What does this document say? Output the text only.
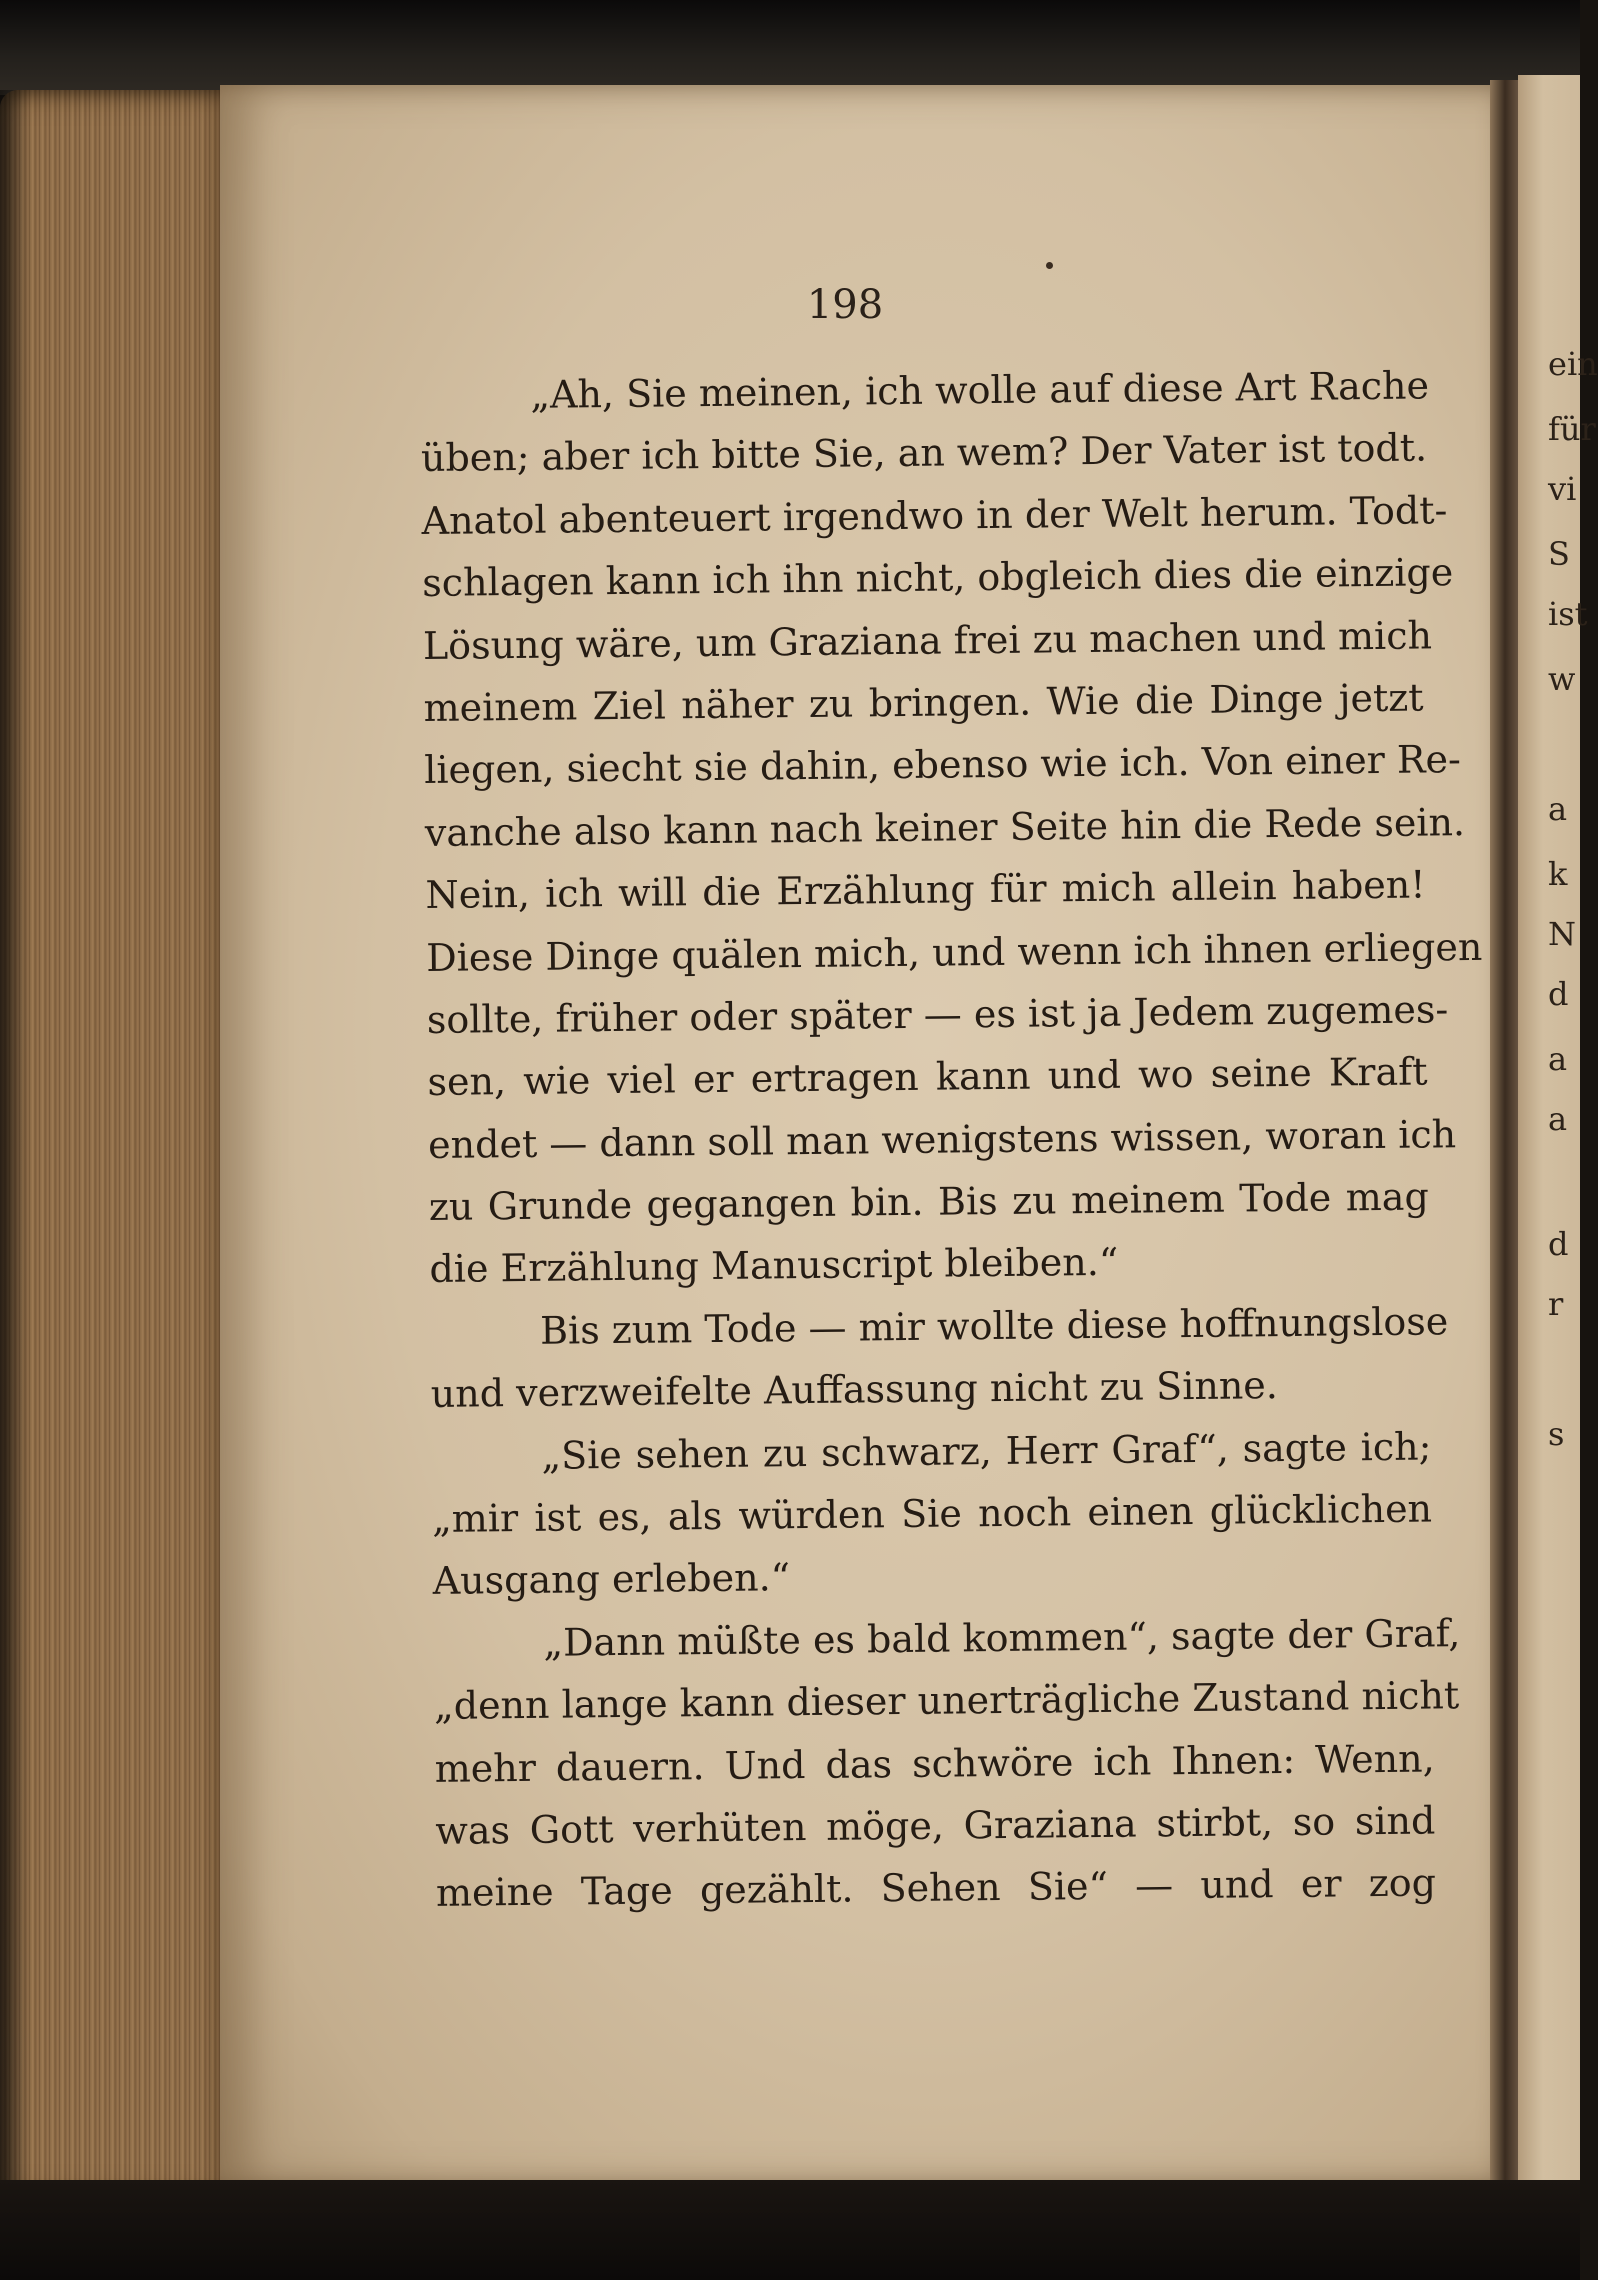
198
„Ah, Sie meinen, ich wolle auf diese Art Rache
üben; aber ich bitte Sie, an wem? Der Vater ist todt.
Anatol abenteuert irgendwo in der Welt herum. Todt-
schlagen kann ich ihn nicht, obgleich dies die einzige
Lösung wäre, um Graziana frei zu machen und mich
meinem Ziel näher zu bringen. Wie die Dinge jetzt
liegen, siecht sie dahin, ebenso wie ich. Von einer Re-
vanche also kann nach keiner Seite hin die Rede sein.
Nein, ich will die Erzählung für mich allein haben!
Diese Dinge quälen mich, und wenn ich ihnen erliegen
sollte, früher oder später — es ist ja Jedem zugemes-
sen, wie viel er ertragen kann und wo seine Kraft
endet — dann soll man wenigstens wissen, woran ich
zu Grunde gegangen bin. Bis zu meinem Tode mag
die Erzählung Manuscript bleiben.“
Bis zum Tode — mir wollte diese hoffnungslose
und verzweifelte Auffassung nicht zu Sinne.
„Sie sehen zu schwarz, Herr Graf“, sagte ich;
„mir ist es, als würden Sie noch einen glücklichen
Ausgang erleben.“
„Dann müßte es bald kommen“, sagte der Graf,
„denn lange kann dieser unerträgliche Zustand nicht
mehr dauern. Und das schwöre ich Ihnen: Wenn,
was Gott verhüten möge, Graziana stirbt, so sind
meine Tage gezählt. Sehen Sie“ — und er zog
ein
für
vi
S
ist
w
a
k
N
d
a
a
d
r
s
